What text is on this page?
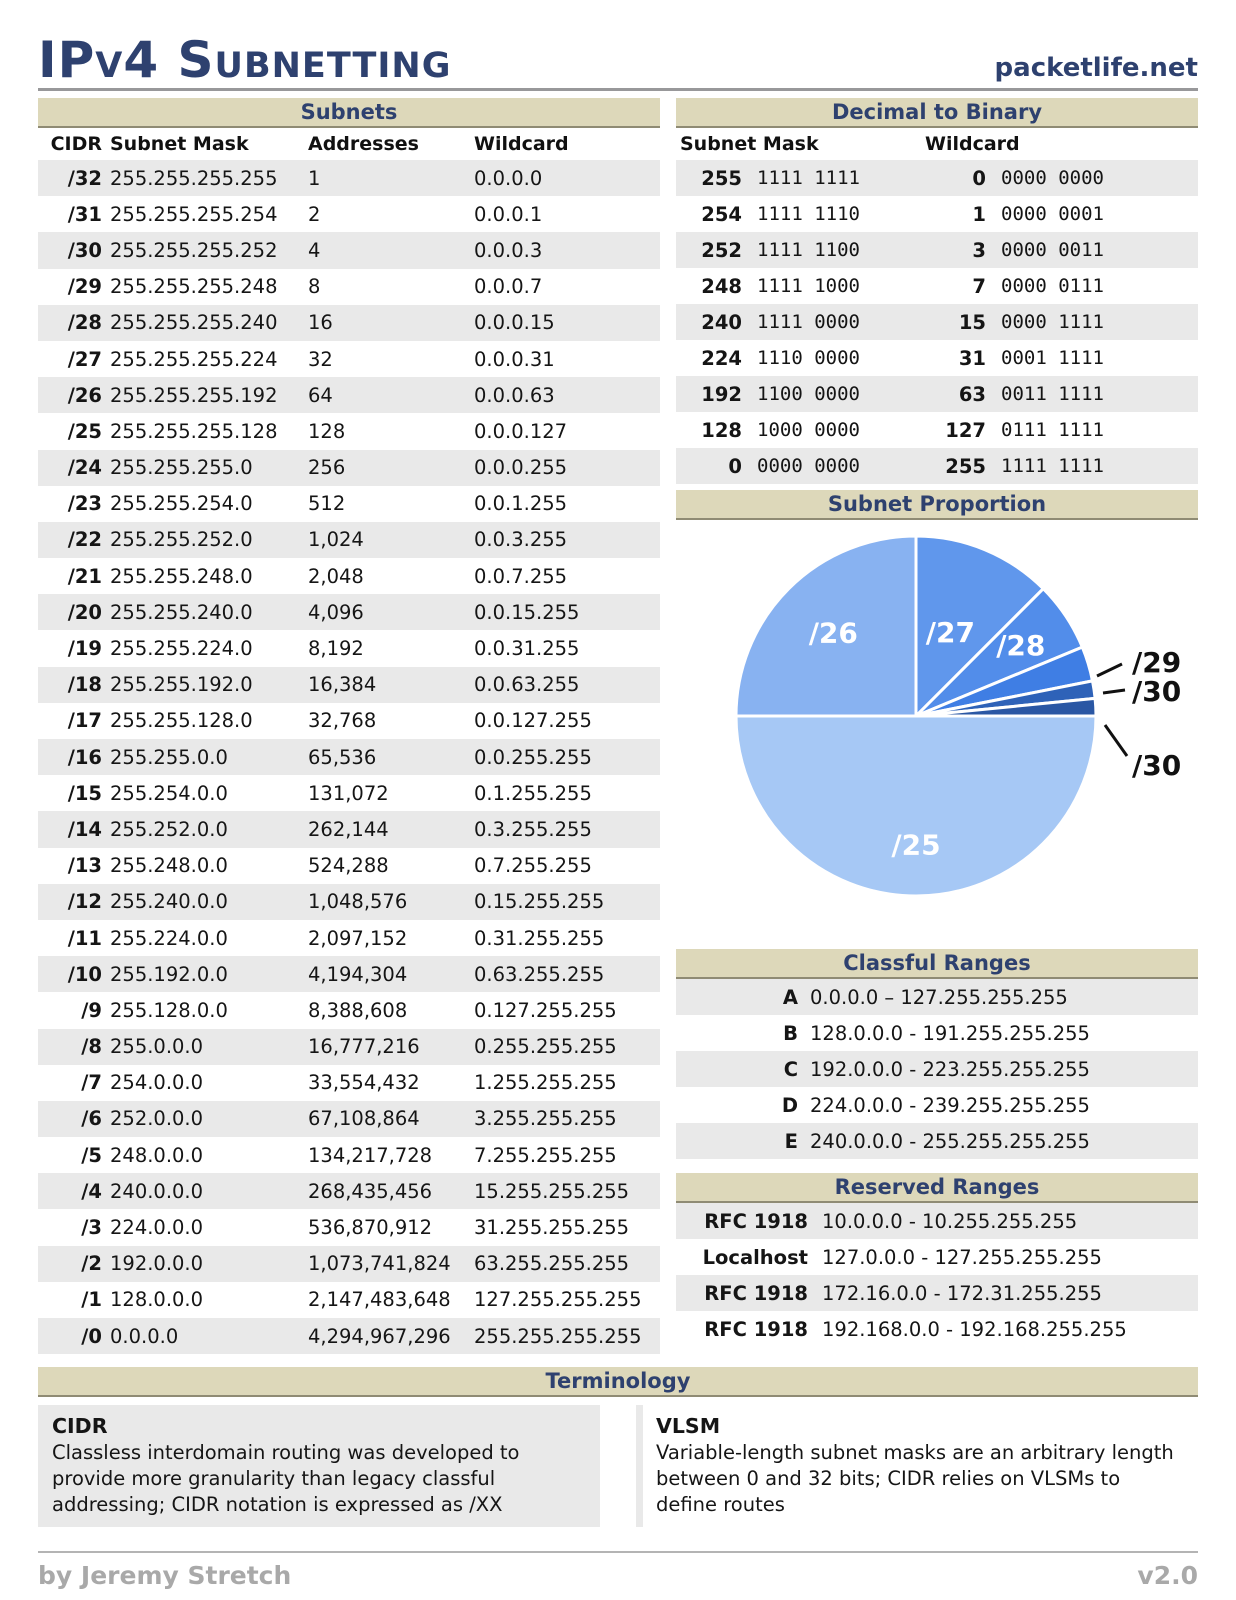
IPv4 Subnetting	packetlife.net
Subnets
CIDR Subnet Mask	Addresses	Wildcard
/32 255.255.255.255	1	0.0.0.0
/31 255.255.255.254	2	0.0.0.1
/30 255.255.255.252	4	0.0.0.3
/29 255.255.255.248	8	0.0.0.7
/28 255.255.255.240	16	0.0.0.15
/27 255.255.255.224	32	0.0.0.31
/26 255.255.255.192	64	0.0.0.63
/25 255.255.255.128	128	0.0.0.127
/24 255.255.255.0	256	0.0.0.255
/23 255.255.254.0	512	0.0.1.255
/22 255.255.252.0	1,024	0.0.3.255
/21 255.255.248.0	2,048	0.0.7.255
/20 255.255.240.0	4,096	0.0.15.255
/19 255.255.224.0	8,192	0.0.31.255
/18 255.255.192.0	16,384	0.0.63.255
/17 255.255.128.0	32,768	0.0.127.255
/16 255.255.0.0	65,536	0.0.255.255
/15 255.254.0.0	131,072	0.1.255.255
/14 255.252.0.0	262,144	0.3.255.255
/13 255.248.0.0	524,288	0.7.255.255
/12 255.240.0.0	1,048,576	0.15.255.255
/11 255.224.0.0	2,097,152	0.31.255.255
/10 255.192.0.0	4,194,304	0.63.255.255
/9 255.128.0.0	8,388,608	0.127.255.255
/8 255.0.0.0	16,777,216	0.255.255.255
/7 254.0.0.0	33,554,432	1.255.255.255
/6 252.0.0.0	67,108,864	3.255.255.255
/5 248.0.0.0	134,217,728	7.255.255.255
/4 240.0.0.0	268,435,456	15.255.255.255
/3 224.0.0.0	536,870,912	31.255.255.255
/2 192.0.0.0	1,073,741,824	63.255.255.255
/1 128.0.0.0	2,147,483,648	127.255.255.255
/0 0.0.0.0	4,294,967,296	255.255.255.255
Decimal to Binary
Subnet Mask	Wildcard
255 1111 1111	0 0000 0000
254 1111 1110	1 0000 0001
252 1111 1100	3 0000 0011
248 1111 1000	7 0000 0111
240 1111 0000	15 0000 1111
224 1110 0000	31 0001 1111
192 1100 0000	63 0011 1111
128 1000 0000	127 0111 1111
0 0000 0000	255 1111 1111
Subnet Proportion
/27 /28
/29
/30
/30
/25
/26
Classful Ranges
A 0.0.0.0 – 127.255.255.255
B 128.0.0.0 - 191.255.255.255
C 192.0.0.0 - 223.255.255.255
D 224.0.0.0 - 239.255.255.255
E 240.0.0.0 - 255.255.255.255
Reserved Ranges
RFC 1918 10.0.0.0 - 10.255.255.255
Localhost 127.0.0.0 - 127.255.255.255
RFC 1918 172.16.0.0 - 172.31.255.255
RFC 1918 192.168.0.0 - 192.168.255.255
Terminology
CIDR
Classless interdomain routing was developed to provide more granularity than legacy classful addressing; CIDR notation is expressed as /XX
VLSM
Variable-length subnet masks are an arbitrary length between 0 and 32 bits; CIDR relies on VLSMs to define routes
by Jeremy Stretch	v2.0
